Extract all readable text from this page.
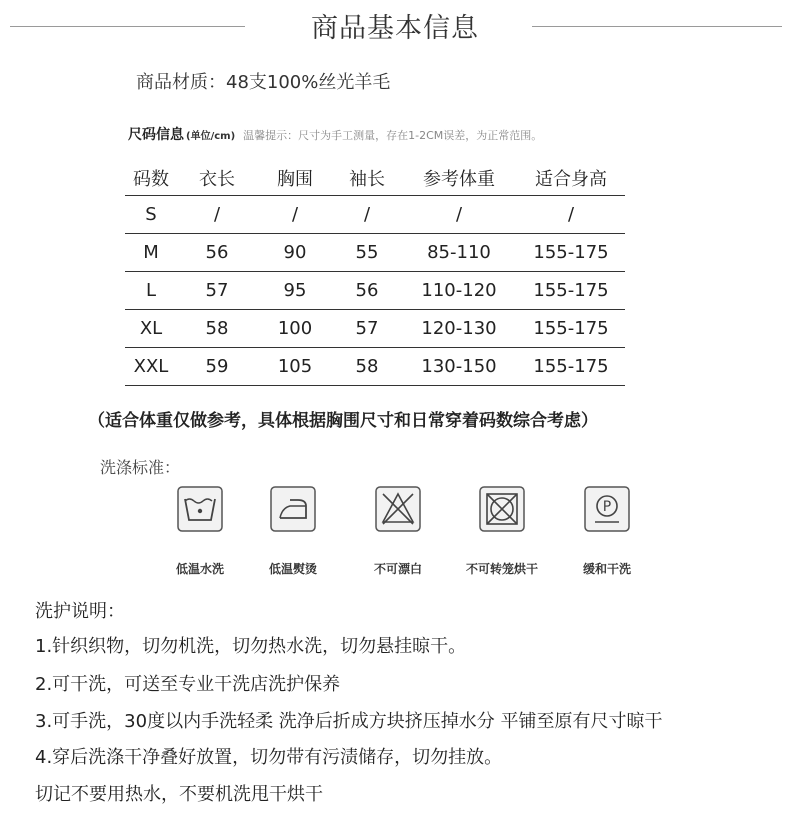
商品基本信息
商品材质：48支100%丝光羊毛
尺码信息 (单位/cm) 温馨提示：尺寸为手工测量，存在1-2CM误差，为正常范围。
码数	衣长	胸围	袖长	参考体重	适合身高
S	/	/	/	/	/
M	56	90	55	85-110	155-175
L	57	95	56	110-120	155-175
XL	58	100	57	120-130	155-175
XXL	59	105	58	130-150	155-175
（适合体重仅做参考，具体根据胸围尺寸和日常穿着码数综合考虑）
洗涤标准：
低温水洗	低温熨烫	不可漂白	不可转笼烘干
P
缓和干洗
洗护说明：
1.针织织物，切勿机洗，切勿热水洗，切勿悬挂晾干。
2.可干洗，可送至专业干洗店洗护保养
3.可手洗，30度以内手洗轻柔 洗净后折成方块挤压掉水分 平铺至原有尺寸晾干
4.穿后洗涤干净叠好放置，切勿带有污渍储存，切勿挂放。
切记不要用热水，不要机洗甩干烘干
